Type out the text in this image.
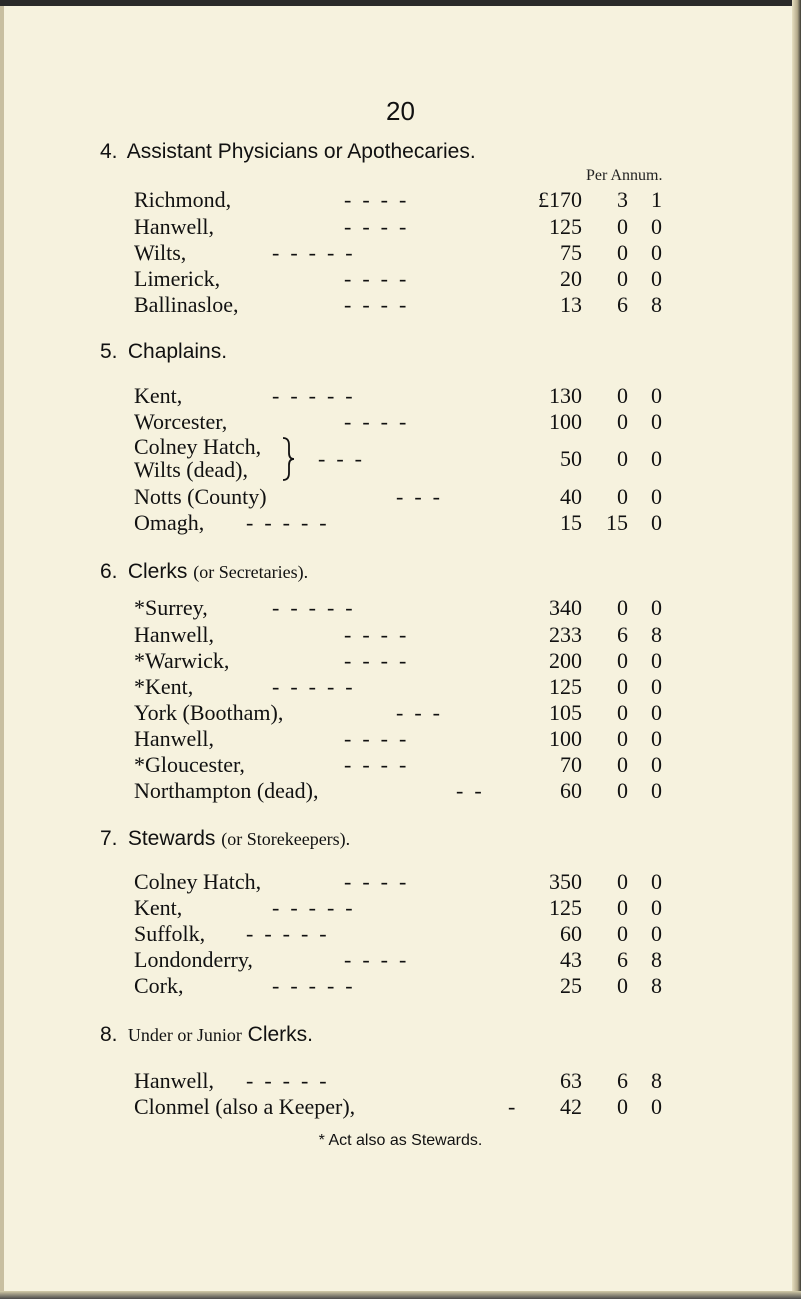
20
4. Assistant Physicians or Apothecaries.
Per Annum.
Richmond,	-  -  -  -	£170	3	1
Hanwell,	-  -  -  -	125	0	0
Wilts,	-  -  -  -  -	75	0	0
Limerick,	-  -  -  -	20	0	0
Ballinasloe,	-  -  -  -	13	6	8
5. Chaplains.
Kent,	-  -  -  -  -	130	0	0
Worcester,	-  -  -  -	100	0	0
Colney Hatch,
Wilts (dead),	-  -  -	50	0	0
Notts (County)	-  -  -	40	0	0
Omagh, -  -  -  -  -	15	15	0
6. Clerks (or Secretaries).
*Surrey,	-  -  -  -  -	340	0	0
Hanwell,	-  -  -  -	233	6	8
*Warwick,	-  -  -  -	200	0	0
*Kent,	-  -  -  -  -	125	0	0
York (Bootham),	-  -  -	105	0	0
Hanwell,	-  -  -  -	100	0	0
*Gloucester,	-  -  -  -	70	0	0
Northampton (dead),	-  -	60	0	0
7. Stewards (or Storekeepers).
Colney Hatch,	-  -  -  -	350	0	0
Kent,	-  -  -  -  -	125	0	0
Suffolk, -  -  -  -  -	60	0	0
Londonderry,	-  -  -  -	43	6	8
Cork,	-  -  -  -  -	25	0	8
8. Under or Junior Clerks.
Hanwell, -  -  -  -  -	63	6	8
Clonmel (also a Keeper),	-	42	0	0
* Act also as Stewards.
